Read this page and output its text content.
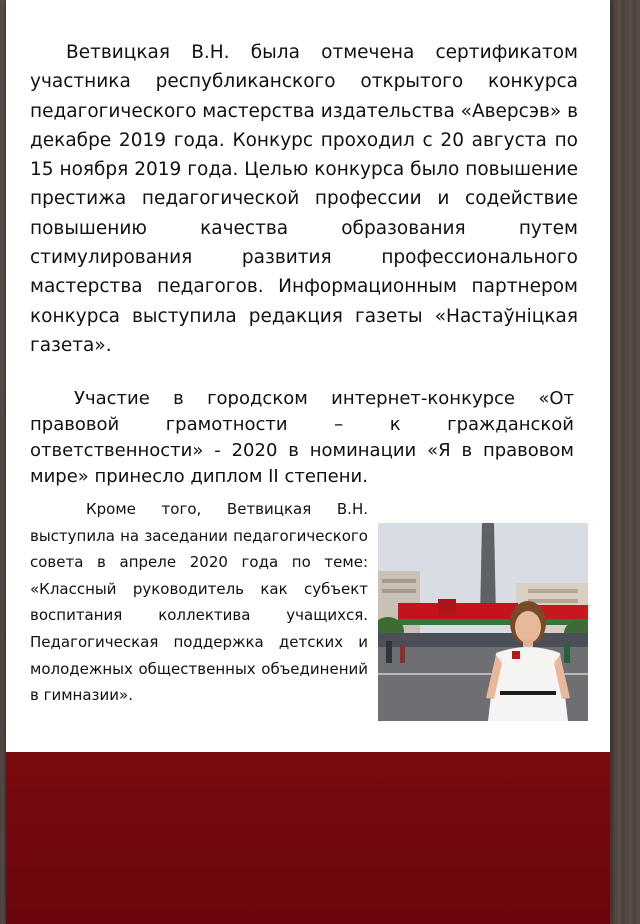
Ветвицкая В.Н. была отмечена сертификатом участника республиканского открытого конкурса педагогического мастерства издательства «Аверсэв» в декабре 2019 года. Конкурс проходил с 20 августа по 15 ноября 2019 года. Целью конкурса было повышение престижа педагогической профессии и содействие повышению качества образования путем стимулирования развития профессионального мастерства педагогов. Информационным партнером конкурса выступила редакция газеты «Настаўніцкая газета».
Участие в городском интернет-конкурсе «От правовой грамотности – к гражданской ответственности» - 2020 в номинации «Я в правовом мире» принесло диплом II степени.
Кроме того, Ветвицкая В.Н. выступила на заседании педагогического совета в апреле 2020 года по теме: «Классный руководитель как субъект воспитания коллектива учащихся. Педагогическая поддержка детских и молодежных общественных объединений в гимназии».
